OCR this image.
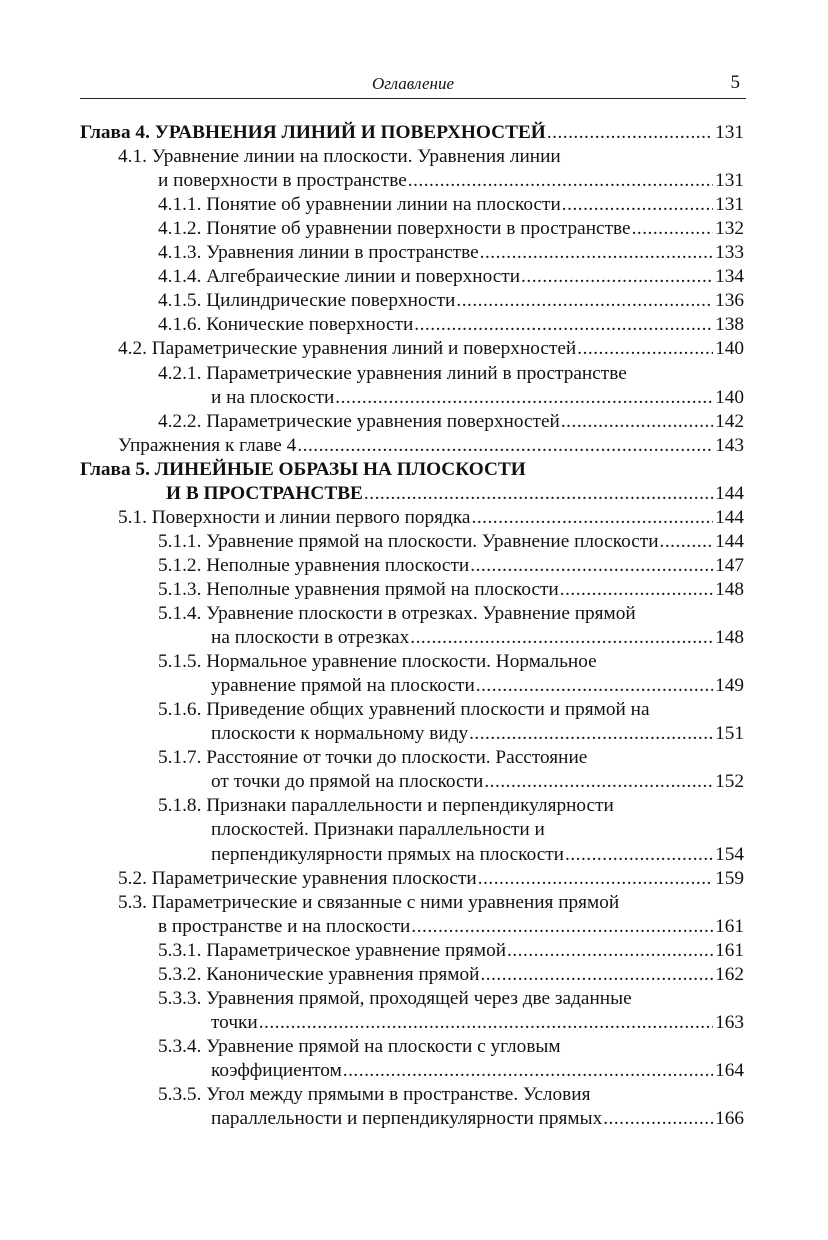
Оглавление	5
Глава 4. УРАВНЕНИЯ ЛИНИЙ И ПОВЕРХНОСТЕЙ .....	131
4.1. Уравнение линии на плоскости. Уравнения линии
и поверхности в пространстве .....	131
4.1.1. Понятие об уравнении линии на плоскости .....	131
4.1.2. Понятие об уравнении поверхности в пространстве .....	132
4.1.3. Уравнения линии в пространстве .....	133
4.1.4. Алгебраические линии и поверхности .....	134
4.1.5. Цилиндрические поверхности .....	136
4.1.6. Конические поверхности .....	138
4.2. Параметрические уравнения линий и поверхностей .....	140
4.2.1. Параметрические уравнения линий в пространстве
и на плоскости .....	140
4.2.2. Параметрические уравнения поверхностей .....	142
Упражнения к главе 4 .....	143
Глава 5. ЛИНЕЙНЫЕ ОБРАЗЫ НА ПЛОСКОСТИ
И В ПРОСТРАНСТВЕ .....	144
5.1. Поверхности и линии первого порядка .....	144
5.1.1. Уравнение прямой на плоскости. Уравнение плоскости .....	144
5.1.2. Неполные уравнения плоскости .....	147
5.1.3. Неполные уравнения прямой на плоскости .....	148
5.1.4. Уравнение плоскости в отрезках. Уравнение прямой
на плоскости в отрезках .....	148
5.1.5. Нормальное уравнение плоскости. Нормальное
уравнение прямой на плоскости .....	149
5.1.6. Приведение общих уравнений плоскости и прямой на
плоскости к нормальному виду .....	151
5.1.7. Расстояние от точки до плоскости. Расстояние
от точки до прямой на плоскости .....	152
5.1.8. Признаки параллельности и перпендикулярности
плоскостей. Признаки параллельности и
перпендикулярности прямых на плоскости .....	154
5.2. Параметрические уравнения плоскости .....	159
5.3. Параметрические и связанные с ними уравнения прямой
в пространстве и на плоскости .....	161
5.3.1. Параметрическое уравнение прямой .....	161
5.3.2. Канонические уравнения прямой .....	162
5.3.3. Уравнения прямой, проходящей через две заданные
точки .....	163
5.3.4. Уравнение прямой на плоскости с угловым
коэффициентом .....	164
5.3.5. Угол между прямыми в пространстве. Условия
параллельности и перпендикулярности прямых .....	166
